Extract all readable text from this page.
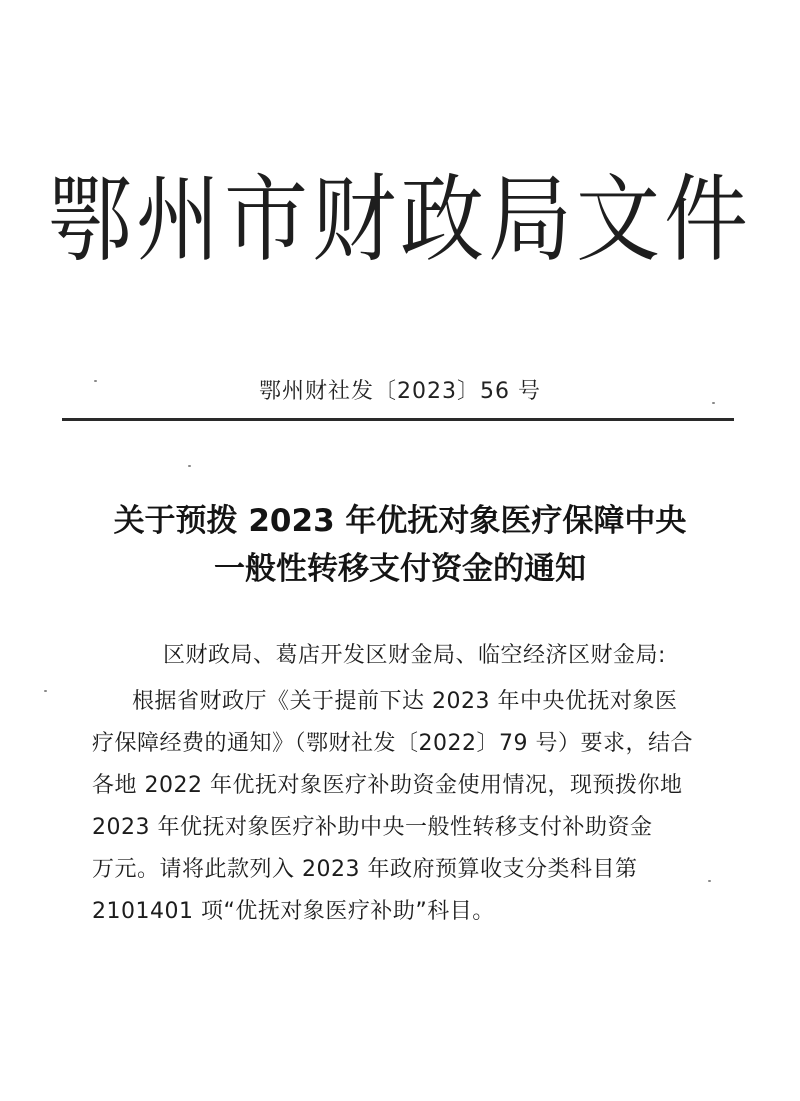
鄂州市财政局文件
鄂州财社发〔2023〕56 号
关于预拨 2023 年优抚对象医疗保障中央
一般性转移支付资金的通知
区财政局、葛店开发区财金局、临空经济区财金局:
根据省财政厅《关于提前下达 2023 年中央优抚对象医
疗保障经费的通知》（鄂财社发〔2022〕79 号）要求，结合
各地 2022 年优抚对象医疗补助资金使用情况，现预拨你地
2023 年优抚对象医疗补助中央一般性转移支付补助资金
万元。请将此款列入 2023 年政府预算收支分类科目第
2101401 项“优抚对象医疗补助”科目。
